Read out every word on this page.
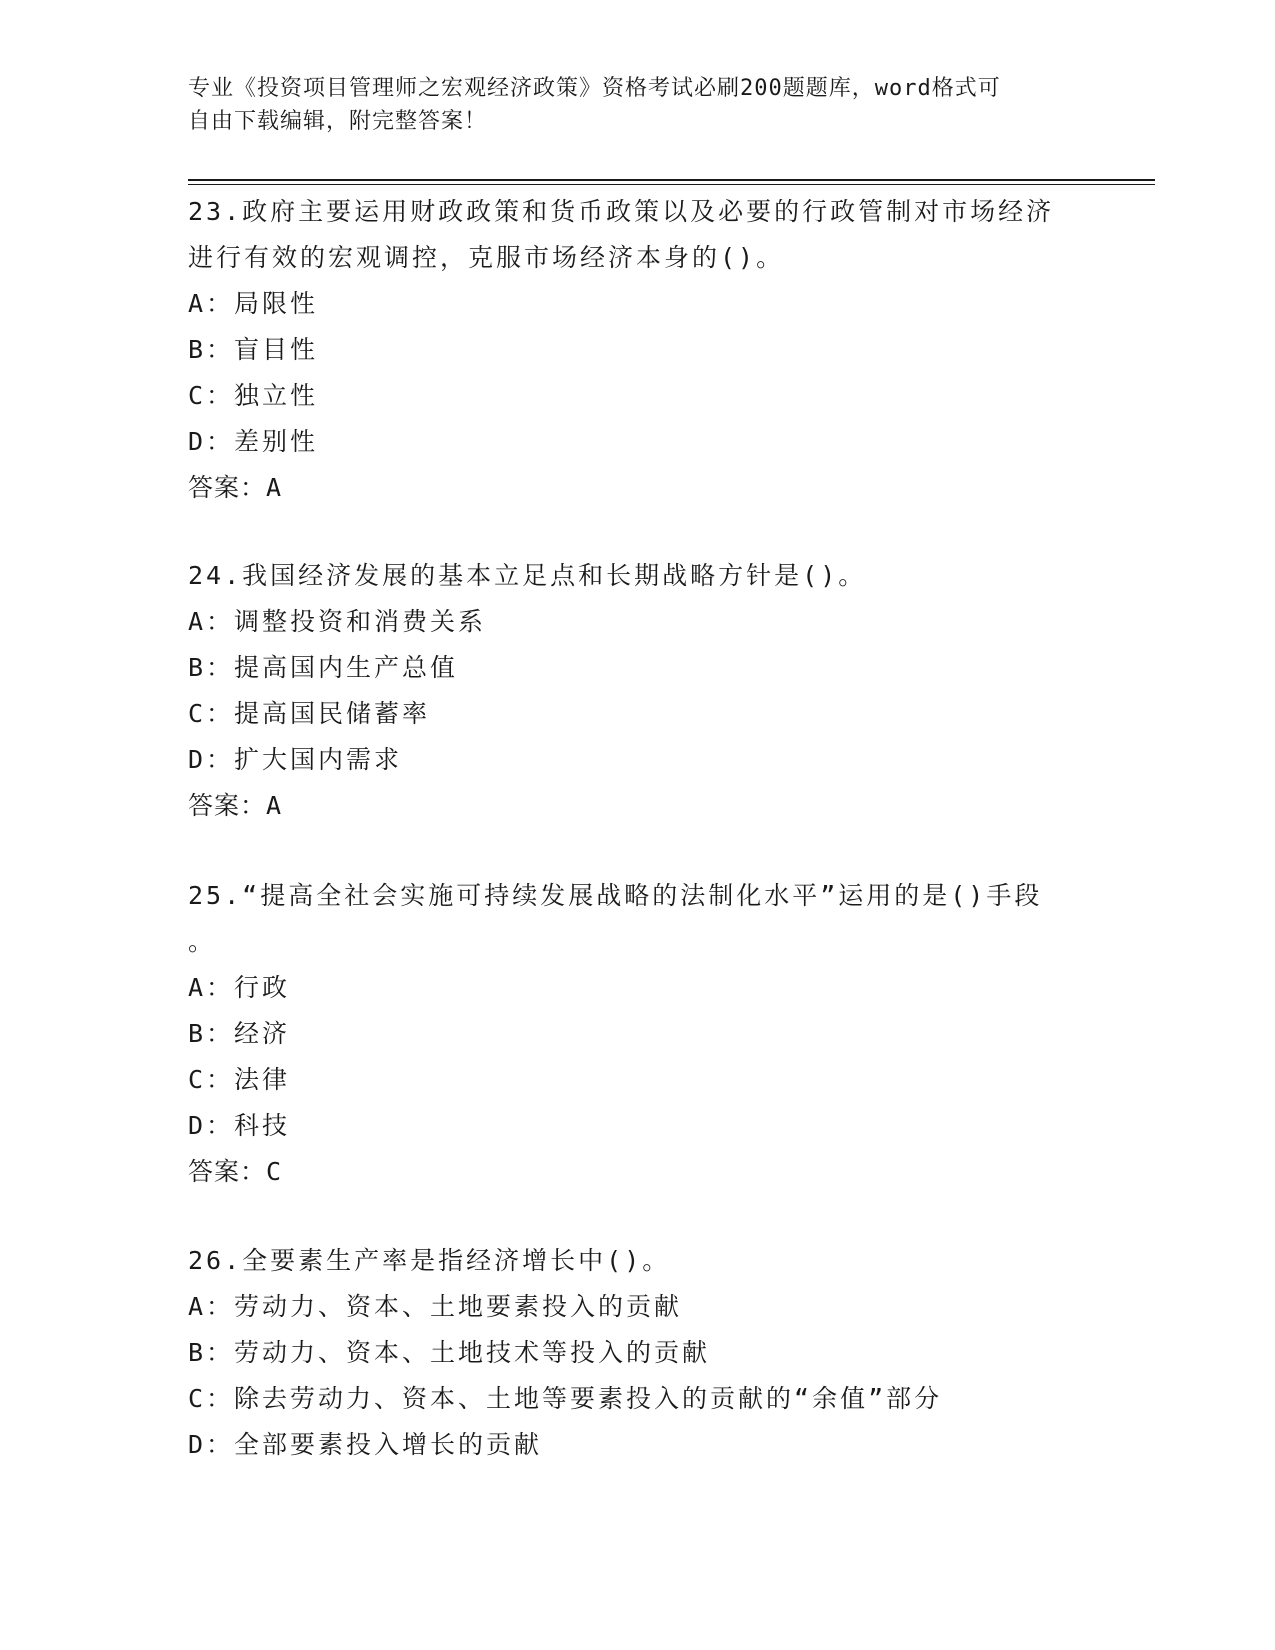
专业《投资项目管理师之宏观经济政策》资格考试必刷200题题库，word格式可
自由下载编辑，附完整答案！
23.政府主要运用财政政策和货币政策以及必要的行政管制对市场经济
进行有效的宏观调控，克服市场经济本身的()。
A：局限性
B：盲目性
C：独立性
D：差别性
答案：A
24.我国经济发展的基本立足点和长期战略方针是()。
A：调整投资和消费关系
B：提高国内生产总值
C：提高国民储蓄率
D：扩大国内需求
答案：A
25.“提高全社会实施可持续发展战略的法制化水平”运用的是()手段
。
A：行政
B：经济
C：法律
D：科技
答案：C
26.全要素生产率是指经济增长中()。
A：劳动力、资本、土地要素投入的贡献
B：劳动力、资本、土地技术等投入的贡献
C：除去劳动力、资本、土地等要素投入的贡献的“余值”部分
D：全部要素投入增长的贡献
